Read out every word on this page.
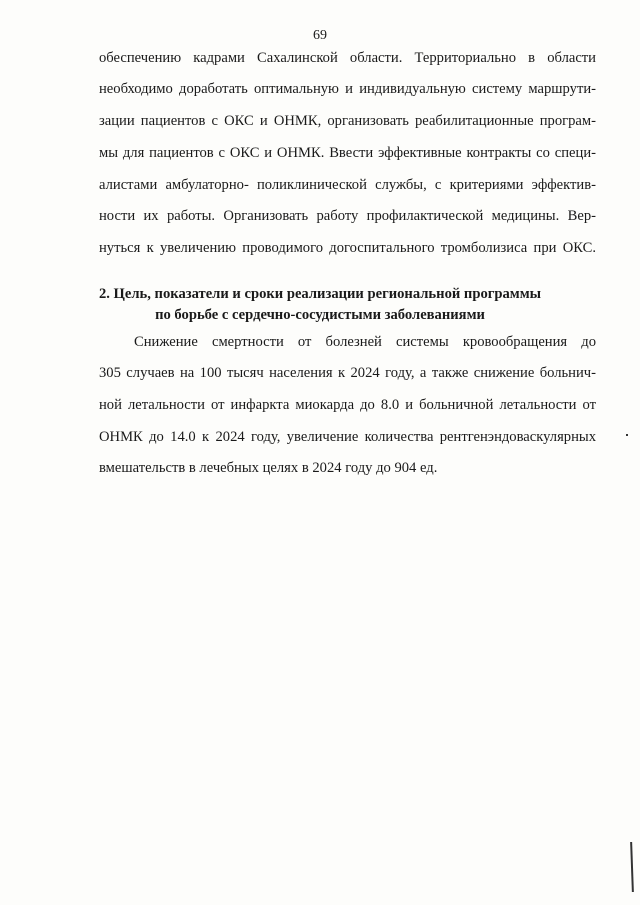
69
обеспечению кадрами Сахалинской области. Территориально в области
необходимо доработать оптимальную и индивидуальную систему маршрути-
зации пациентов с ОКС и ОНМК, организовать реабилитационные програм-
мы для пациентов с ОКС и ОНМК. Ввести эффективные контракты со специ-
алистами амбулаторно- поликлинической службы, с критериями эффектив-
ности их работы. Организовать работу профилактической медицины. Вер-
нуться к увеличению проводимого догоспитального тромболизиса при ОКС.
2. Цель, показатели и сроки реализации региональной программы
по борьбе с сердечно-сосудистыми заболеваниями
Снижение смертности от болезней системы кровообращения до
305 случаев на 100 тысяч населения к 2024 году, а также снижение больнич-
ной летальности от инфаркта миокарда до 8.0 и больничной летальности от
ОНМК до 14.0 к 2024 году, увеличение количества рентгенэндоваскулярных
вмешательств в лечебных целях в 2024 году до 904 ед.
